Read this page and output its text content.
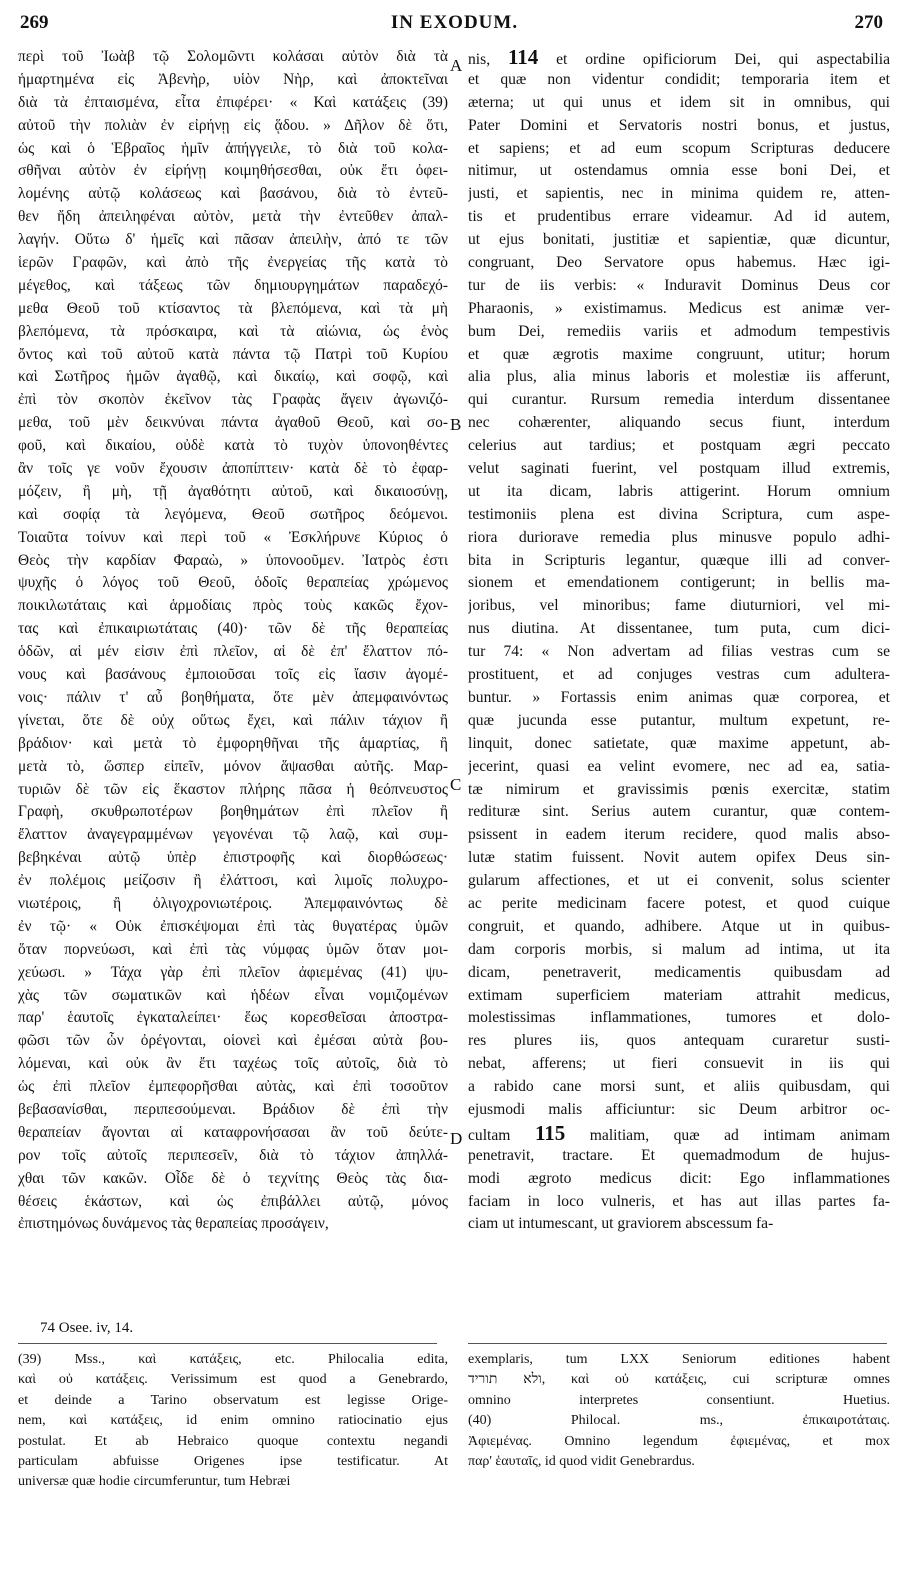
269	IN EXODUM.	270
περὶ τοῦ Ἰωὰβ τῷ Σολομῶντι κολάσαι αὐτὸν διὰ τὰ
ἡμαρτημένα εἰς Ἀβενὴρ, υἱὸν Νὴρ, καὶ ἀποκτεῖναι
διὰ τὰ ἐπταισμένα, εἶτα ἐπιφέρει· « Καὶ κατάξεις (39)
αὐτοῦ τὴν πολιὰν ἐν εἰρήνῃ εἰς ᾅδου. » Δῆλον δὲ ὅτι,
ὡς καὶ ὁ Ἑβραῖος ἡμῖν ἀπήγγειλε, τὸ διὰ τοῦ κολα-
σθῆναι αὐτὸν ἐν εἰρήνῃ κοιμηθήσεσθαι, οὐκ ἔτι ὀφει-
λομένης αὐτῷ κολάσεως καὶ βασάνου, διὰ τὸ ἐντεῦ-
θεν ἤδη ἀπειληφέναι αὐτὸν, μετὰ τὴν ἐντεῦθεν ἀπαλ-
λαγήν. Οὕτω δ' ἡμεῖς καὶ πᾶσαν ἀπειλὴν, ἀπό τε τῶν
ἱερῶν Γραφῶν, καὶ ἀπὸ τῆς ἐνεργείας τῆς κατὰ τὸ
μέγεθος, καὶ τάξεως τῶν δημιουργημάτων παραδεχό-
μεθα Θεοῦ τοῦ κτίσαντος τὰ βλεπόμενα, καὶ τὰ μὴ
βλεπόμενα, τὰ πρόσκαιρα, καὶ τὰ αἰώνια, ὡς ἑνὸς
ὄντος καὶ τοῦ αὐτοῦ κατὰ πάντα τῷ Πατρὶ τοῦ Κυρίου
καὶ Σωτῆρος ἡμῶν ἀγαθῷ, καὶ δικαίῳ, καὶ σοφῷ, καὶ
ἐπὶ τὸν σκοπὸν ἐκεῖνον τὰς Γραφὰς ἄγειν ἀγωνιζό-
μεθα, τοῦ μὲν δεικνύναι πάντα ἀγαθοῦ Θεοῦ, καὶ σο-
φοῦ, καὶ δικαίου, οὐδὲ κατὰ τὸ τυχὸν ὑπονοηθέντες
ἂν τοῖς γε νοῦν ἔχουσιν ἀποπίπτειν· κατὰ δὲ τὸ ἐφαρ-
μόζειν, ἢ μὴ, τῇ ἀγαθότητι αὐτοῦ, καὶ δικαιοσύνῃ,
καὶ σοφίᾳ τὰ λεγόμενα, Θεοῦ σωτῆρος δεόμενοι.
Τοιαῦτα τοίνυν καὶ περὶ τοῦ « Ἐσκλήρυνε Κύριος ὁ
Θεὸς τὴν καρδίαν Φαραὼ, » ὑπονοοῦμεν. Ἰατρὸς ἐστι
ψυχῆς ὁ λόγος τοῦ Θεοῦ, ὁδοῖς θεραπείας χρώμενος
ποικιλωτάταις καὶ ἁρμοδίαις πρὸς τοὺς κακῶς ἔχον-
τας καὶ ἐπικαιριωτάταις (40)· τῶν δὲ τῆς θεραπείας
ὁδῶν, αἱ μέν εἰσιν ἐπὶ πλεῖον, αἱ δὲ ἐπ' ἔλαττον πό-
νους καὶ βασάνους ἐμποιοῦσαι τοῖς εἰς ἴασιν ἀγομέ-
νοις· πάλιν τ' αὖ βοηθήματα, ὅτε μὲν ἀπεμφαινόντως
γίνεται, ὅτε δὲ οὐχ οὕτως ἔχει, καὶ πάλιν τάχιον ἢ
βράδιον· καὶ μετὰ τὸ ἐμφορηθῆναι τῆς ἁμαρτίας, ἢ
μετὰ τὸ, ὥσπερ εἰπεῖν, μόνον ἅψασθαι αὐτῆς. Μαρ-
τυριῶν δὲ τῶν εἰς ἕκαστον πλήρης πᾶσα ἡ θεόπνευστος
Γραφὴ, σκυθρωποτέρων βοηθημάτων ἐπὶ πλεῖον ἢ
ἔλαττον ἀναγεγραμμένων γεγονέναι τῷ λαῷ, καὶ συμ-
βεβηκέναι αὐτῷ ὑπὲρ ἐπιστροφῆς καὶ διορθώσεως·
ἐν πολέμοις μείζοσιν ἢ ἐλάττοσι, καὶ λιμοῖς πολυχρο-
νιωτέροις, ἢ ὀλιγοχρονιωτέροις. Ἀπεμφαινόντως δὲ
ἐν τῷ· « Οὐκ ἐπισκέψομαι ἐπὶ τὰς θυγατέρας ὑμῶν
ὅταν πορνεύωσι, καὶ ἐπὶ τὰς νύμφας ὑμῶν ὅταν μοι-
χεύωσι. » Τάχα γὰρ ἐπὶ πλεῖον ἀφιεμένας (41) ψυ-
χὰς τῶν σωματικῶν καὶ ἡδέων εἶναι νομιζομένων
παρ' ἑαυτοῖς ἐγκαταλείπει· ἕως κορεσθεῖσαι ἀποστρα-
φῶσι τῶν ὧν ὀρέγονται, οἱονεὶ καὶ ἐμέσαι αὐτὰ βου-
λόμεναι, καὶ οὐκ ἂν ἔτι ταχέως τοῖς αὐτοῖς, διὰ τὸ
ὡς ἐπὶ πλεῖον ἐμπεφορῆσθαι αὐτὰς, καὶ ἐπὶ τοσοῦτον
βεβασανίσθαι, περιπεσούμεναι. Βράδιον δὲ ἐπὶ τὴν
θεραπείαν ἄγονται αἱ καταφρονήσασαι ἂν τοῦ δεύτε-
ρον τοῖς αὐτοῖς περιπεσεῖν, διὰ τὸ τάχιον ἀπηλλά-
χθαι τῶν κακῶν. Οἶδε δὲ ὁ τεχνίτης Θεὸς τὰς δια-
θέσεις ἑκάστων, καὶ ὡς ἐπιβάλλει αὐτῷ, μόνος
ἐπιστημόνως δυνάμενος τὰς θεραπείας προσάγειν,
nis, 114 et ordine opificiorum Dei, qui aspectabilia
et quæ non videntur condidit; temporaria item et
æterna; ut qui unus et idem sit in omnibus, qui
Pater Domini et Servatoris nostri bonus, et justus,
et sapiens; et ad eum scopum Scripturas deducere
nitimur, ut ostendamus omnia esse boni Dei, et
justi, et sapientis, nec in minima quidem re, atten-
tis et prudentibus errare videamur. Ad id autem,
ut ejus bonitati, justitiæ et sapientiæ, quæ dicuntur,
congruant, Deo Servatore opus habemus. Hæc igi-
tur de iis verbis: « Induravit Dominus Deus cor
Pharaonis, » existimamus. Medicus est animæ ver-
bum Dei, remediis variis et admodum tempestivis
et quæ ægrotis maxime congruunt, utitur; horum
alia plus, alia minus laboris et molestiæ iis afferunt,
qui curantur. Rursum remedia interdum dissentanee
nec cohærenter, aliquando secus fiunt, interdum
celerius aut tardius; et postquam ægri peccato
velut saginati fuerint, vel postquam illud extremis,
ut ita dicam, labris attigerint. Horum omnium
testimoniis plena est divina Scriptura, cum aspe-
riora duriorave remedia plus minusve populo adhi-
bita in Scripturis legantur, quæque illi ad conver-
sionem et emendationem contigerunt; in bellis ma-
joribus, vel minoribus; fame diuturniori, vel mi-
nus diutina. At dissentanee, tum puta, cum dici-
tur 74: « Non advertam ad filias vestras cum se
prostituent, et ad conjuges vestras cum adultera-
buntur. » Fortassis enim animas quæ corporea, et
quæ jucunda esse putantur, multum expetunt, re-
linquit, donec satietate, quæ maxime appetunt, ab-
jecerint, quasi ea velint evomere, nec ad ea, satia-
tæ nimirum et gravissimis pœnis exercitæ, statim
redituræ sint. Serius autem curantur, quæ contem-
psissent in eadem iterum recidere, quod malis abso-
lutæ statim fuissent. Novit autem opifex Deus sin-
gularum affectiones, et ut ei convenit, solus scienter
ac perite medicinam facere potest, et quod cuique
congruit, et quando, adhibere. Atque ut in quibus-
dam corporis morbis, si malum ad intima, ut ita
dicam, penetraverit, medicamentis quibusdam ad
extimam superficiem materiam attrahit medicus,
molestissimas inflammationes, tumores et dolo-
res plures iis, quos antequam curaretur susti-
nebat, afferens; ut fieri consuevit in iis qui
a rabido cane morsi sunt, et aliis quibusdam, qui
ejusmodi malis afficiuntur: sic Deum arbitror oc-
cultam 115 malitiam, quæ ad intimam animam
penetravit, tractare. Et quemadmodum de hujus-
modi ægroto medicus dicit: Ego inflammationes
faciam in loco vulneris, et has aut illas partes fa-
ciam ut intumescant, ut graviorem abscessum fa-
A
B
C
D
74 Osee. iv, 14.
(39) Mss., καὶ κατάξεις, etc. Philocalia edita,
καὶ οὐ κατάξεις. Verissimum est quod a Genebrardo,
et deinde a Tarino observatum est legisse Orige-
nem, καὶ κατάξεις, id enim omnino ratiocinatio ejus
postulat. Et ab Hebraico quoque contextu negandi
particulam abfuisse Origenes ipse testificatur. At
universæ quæ hodie circumferuntur, tum Hebræi
exemplaris, tum LXX Seniorum editiones habent
ולא תוריד, καὶ οὐ κατάξεις, cui scripturæ omnes
omnino interpretes consentiunt. Huetius.
(40) Philocal. ms., ἐπικαιροτάταις.
Ἀφιεμένας. Omnino legendum ἐφιεμένας, et mox
παρ' ἑαυταῖς, id quod vidit Genebrardus.
